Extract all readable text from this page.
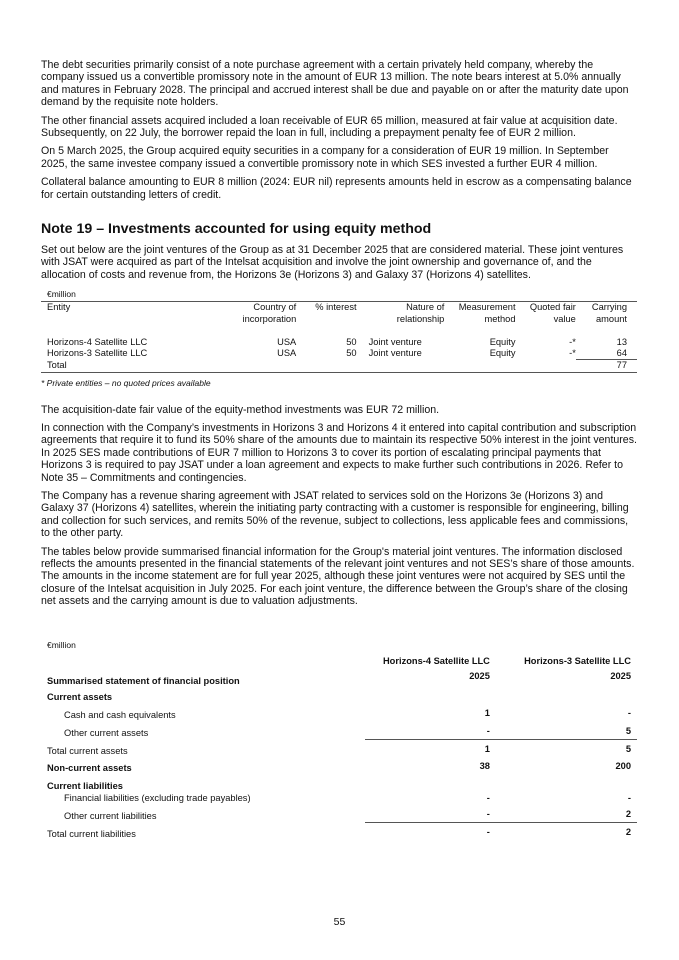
The debt securities primarily consist of a note purchase agreement with a certain privately held company, whereby the company issued us a convertible promissory note in the amount of EUR 13 million. The note bears interest at 5.0% annually and matures in February 2028. The principal and accrued interest shall be due and payable on or after the maturity date upon demand by the requisite note holders.

The other financial assets acquired included a loan receivable of EUR 65 million, measured at fair value at acquisition date. Subsequently, on 22 July, the borrower repaid the loan in full, including a prepayment penalty fee of EUR 2 million.

On 5 March 2025, the Group acquired equity securities in a company for a consideration of EUR 19 million. In September 2025, the same investee company issued a convertible promissory note in which SES invested a further EUR 4 million.

Collateral balance amounting to EUR 8 million (2024: EUR nil) represents amounts held in escrow as a compensating balance for certain outstanding letters of credit.

Note 19 – Investments accounted for using equity method

Set out below are the joint ventures of the Group as at 31 December 2025 that are considered material. These joint ventures with JSAT were acquired as part of the Intelsat acquisition and involve the joint ownership and governance of, and the allocation of costs and revenue from, the Horizons 3e (Horizons 3) and Galaxy 37 (Horizons 4) satellites.

€million						
Entity	Country of incorporation	% interest	Nature of relationship	Measurement method	Quoted fair value	Carrying amount
Horizons-4 Satellite LLC	USA	50	Joint venture	Equity	-*	13
Horizons-3 Satellite LLC	USA	50	Joint venture	Equity	-*	64
Total						77
* Private entities – no quoted prices available

The acquisition-date fair value of the equity-method investments was EUR 72 million.

In connection with the Company’s investments in Horizons 3 and Horizons 4 it entered into capital contribution and subscription agreements that require it to fund its 50% share of the amounts due to maintain its respective 50% interest in the joint ventures. In 2025 SES made contributions of EUR 7 million to Horizons 3 to cover its portion of escalating principal payments that Horizons 3 is required to pay JSAT under a loan agreement and expects to make further such contributions in 2026. Refer to Note 35 – Commitments and contingencies.

The Company has a revenue sharing agreement with JSAT related to services sold on the Horizons 3e (Horizons 3) and Galaxy 37 (Horizons 4) satellites, wherein the initiating party contracting with a customer is responsible for engineering, billing and collection for such services, and remits 50% of the revenue, subject to collections, less applicable fees and commissions, to the other party.

The tables below provide summarised financial information for the Group's material joint ventures. The information disclosed reflects the amounts presented in the financial statements of the relevant joint ventures and not SES’s share of those amounts. The amounts in the income statement are for full year 2025, although these joint ventures were not acquired by SES until the closure of the Intelsat acquisition in July 2025. For each joint venture, the difference between the Group’s share of the closing net assets and the carrying amount is due to valuation adjustments.

€million
	Horizons-4 Satellite LLC	Horizons-3 Satellite LLC
Summarised statement of financial position	2025	2025
Current assets		
Cash and cash equivalents	1	-
Other current assets	-	5
Total current assets	1	5
Non-current assets	38	200
Current liabilities		
Financial liabilities (excluding trade payables)	-	-
Other current liabilities	-	2
Total current liabilities	-	2
55
